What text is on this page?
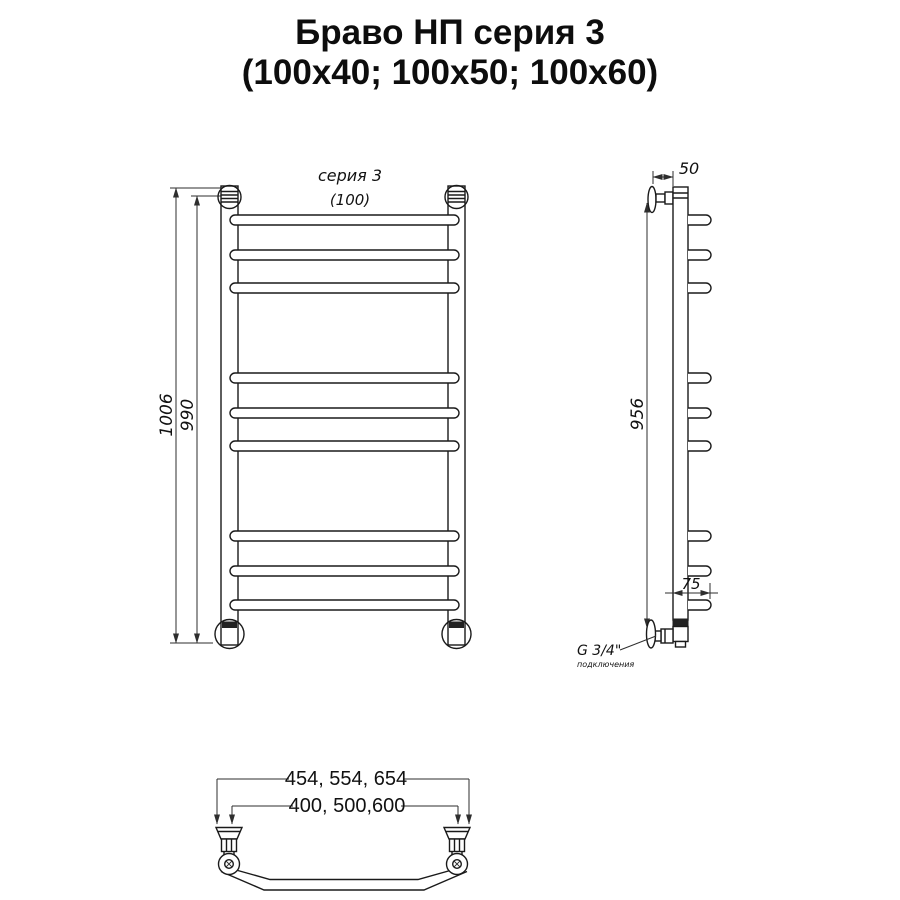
Браво НП серия 3
(100x40; 100x50; 100x60)
серия 3
(100)
1006 990
50
956
75
G 3/4"
подключения
454, 554, 654
400, 500,600
